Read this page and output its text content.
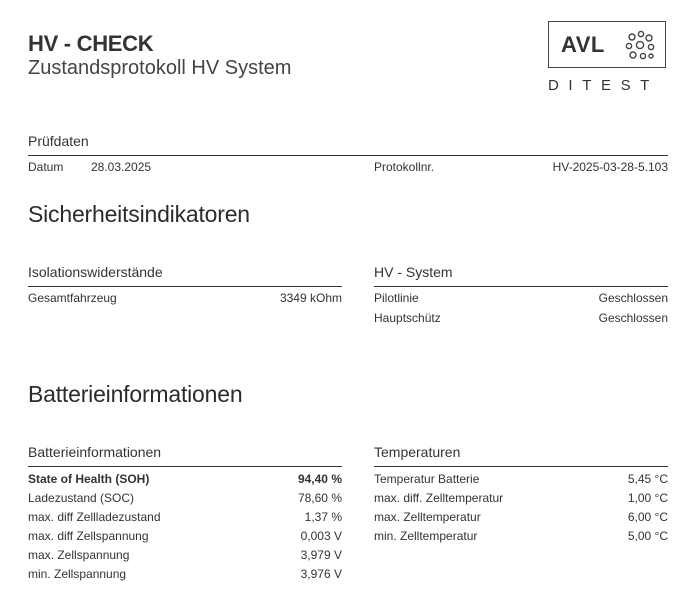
HV - CHECK
Zustandsprotokoll HV System
AVL
DITEST
Prüfdaten
Datum 28.03.2025	Protokollnr.	HV-2025-03-28-5.103
Sicherheitsindikatoren
Isolationswiderstände
Gesamtfahrzeug	3349 kOhm
HV - System
Pilotlinie	Geschlossen
Hauptschütz	Geschlossen
Batterieinformationen
Batterieinformationen
State of Health (SOH)	94,40 %
Ladezustand (SOC)	78,60 %
max. diff Zellladezustand	1,37 %
max. diff Zellspannung	0,003 V
max. Zellspannung	3,979 V
min. Zellspannung	3,976 V
Temperaturen
Temperatur Batterie	5,45 °C
max. diff. Zelltemperatur	1,00 °C
max. Zelltemperatur	6,00 °C
min. Zelltemperatur	5,00 °C
